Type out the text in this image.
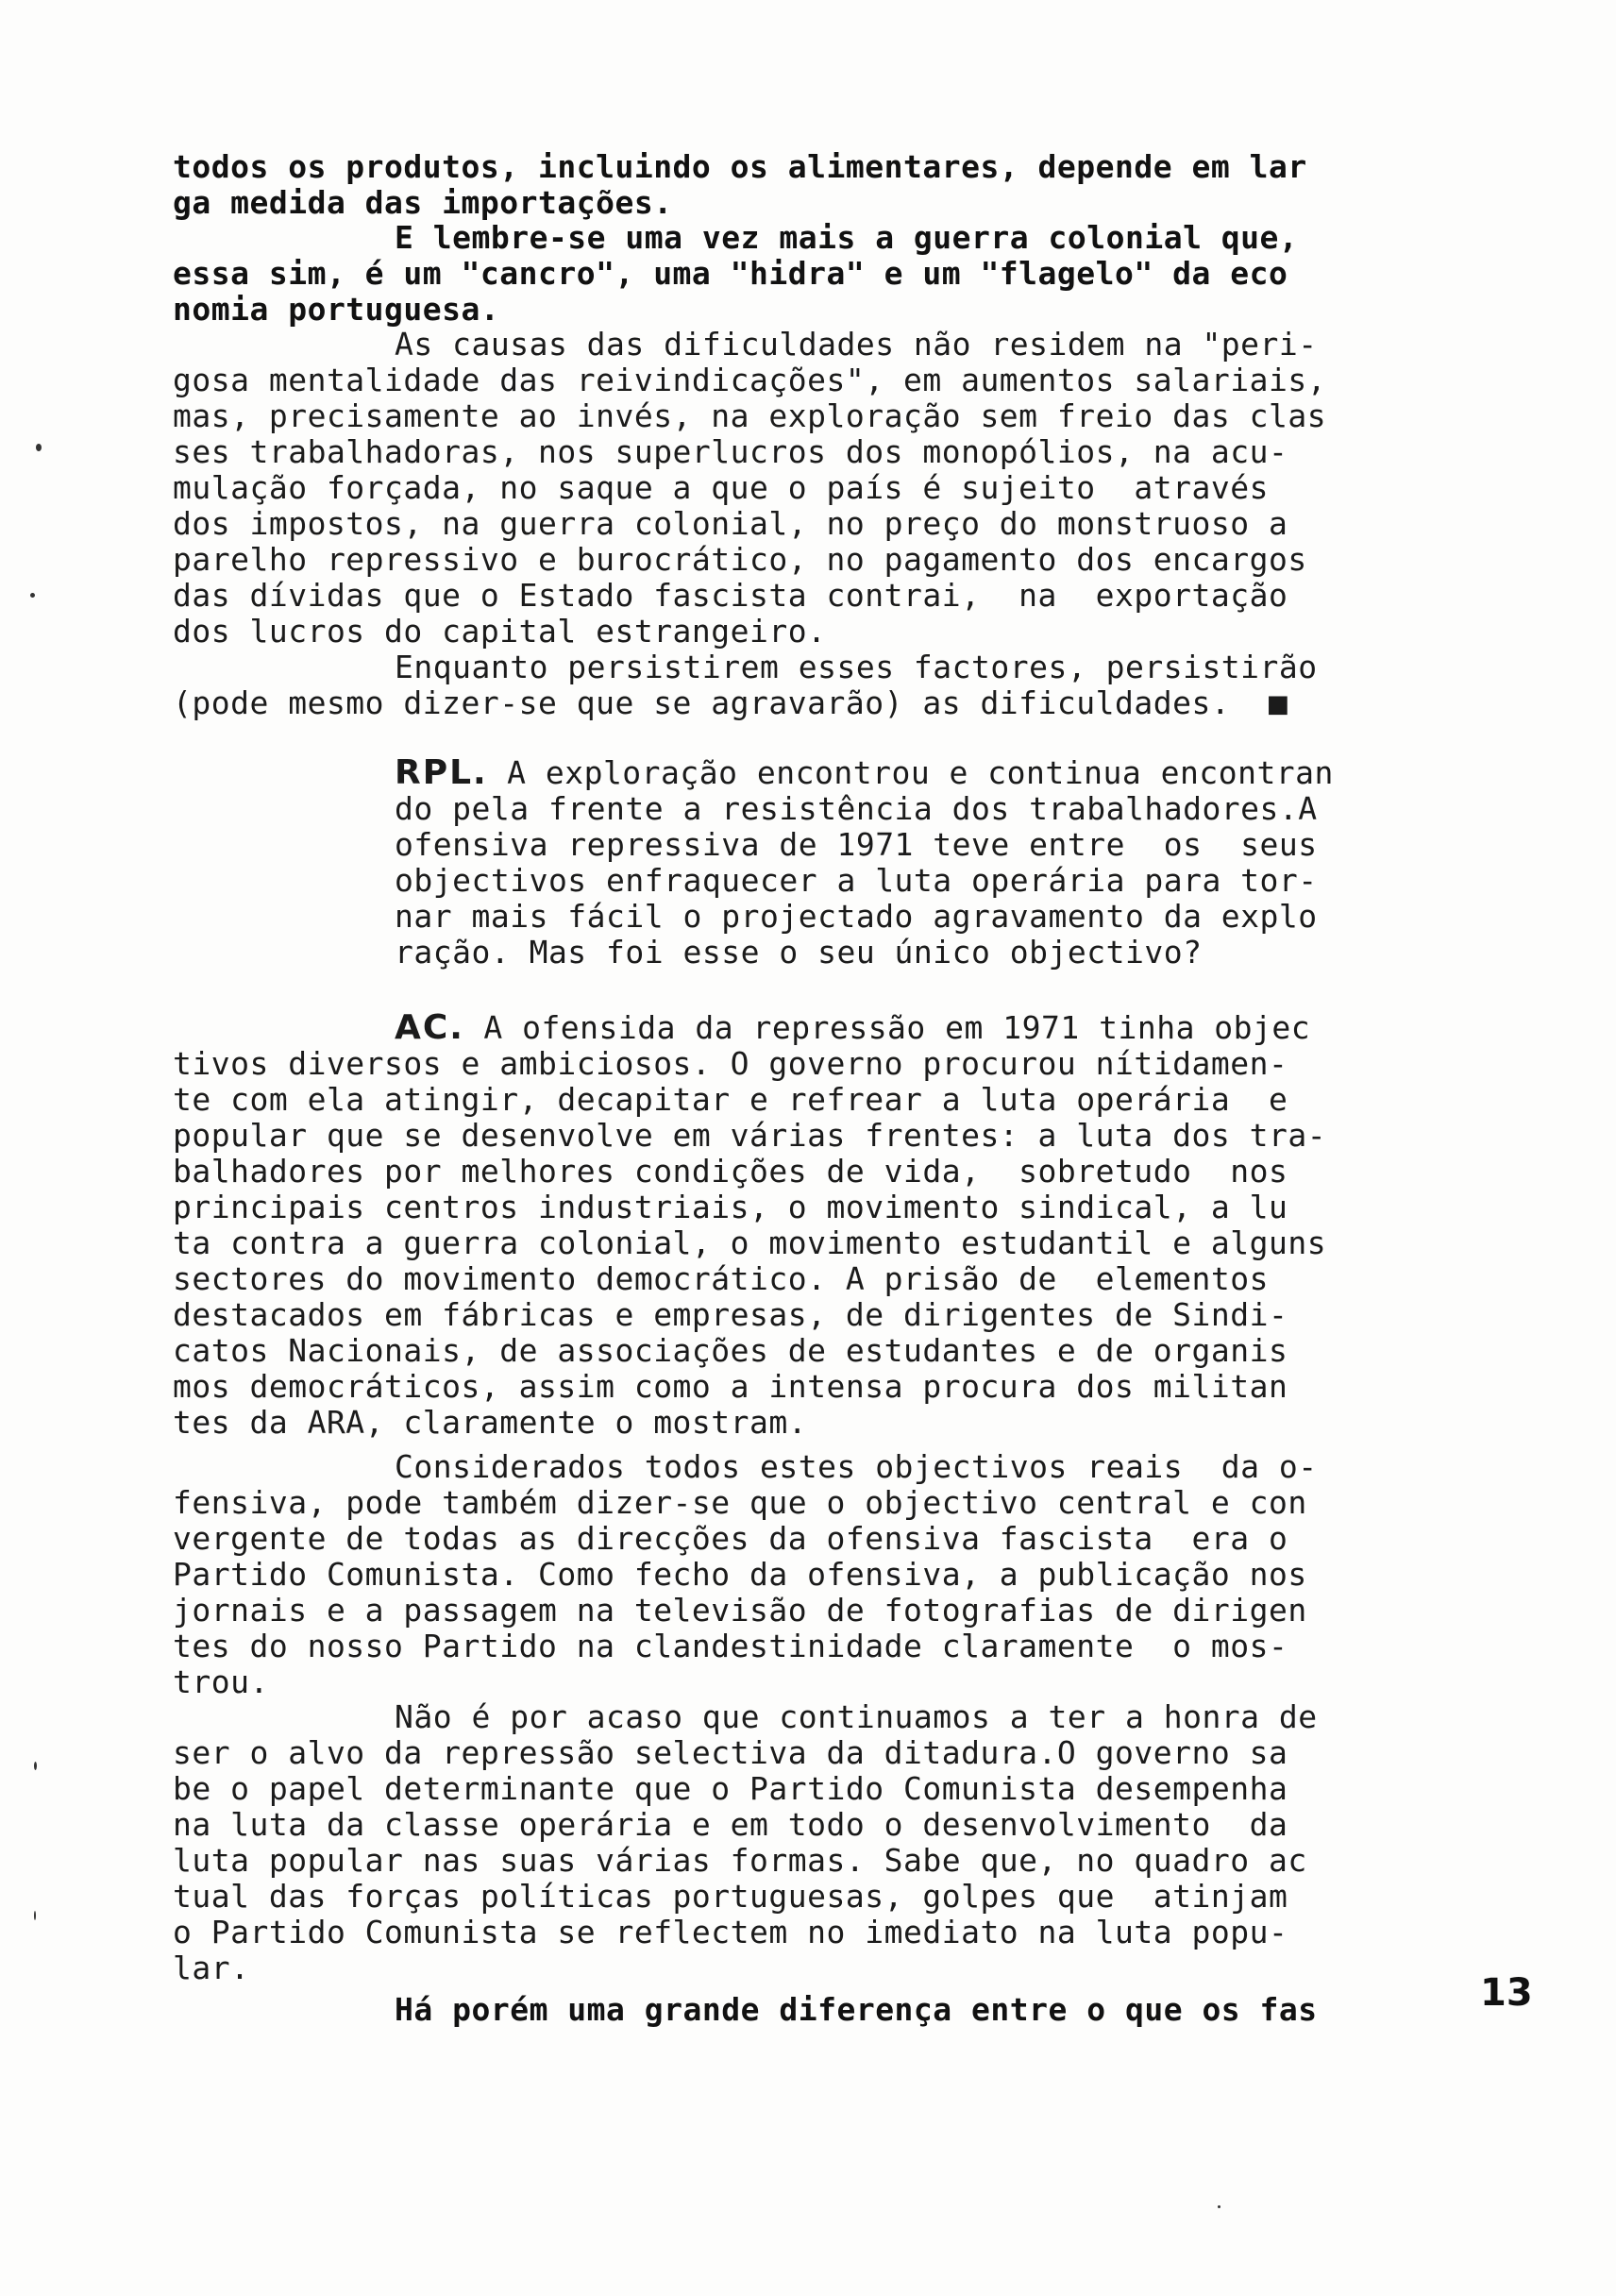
todos os produtos, incluindo os alimentares, depende em lar
ga medida das importações.
E lembre-se uma vez mais a guerra colonial que,
essa sim, é um "cancro", uma "hidra" e um "flagelo" da eco
nomia portuguesa.
As causas das dificuldades não residem na "peri-
gosa mentalidade das reivindicações", em aumentos salariais,
mas, precisamente ao invés, na exploração sem freio das clas
ses trabalhadoras, nos superlucros dos monopólios, na acu-
mulação forçada, no saque a que o país é sujeito  através
dos impostos, na guerra colonial, no preço do monstruoso a
parelho repressivo e burocrático, no pagamento dos encargos
das dívidas que o Estado fascista contrai,  na  exportação
dos lucros do capital estrangeiro.
Enquanto persistirem esses factores, persistirão
(pode mesmo dizer-se que se agravarão) as dificuldades.  ■
RPL. A exploração encontrou e continua encontran
do pela frente a resistência dos trabalhadores.A
ofensiva repressiva de 1971 teve entre  os  seus
objectivos enfraquecer a luta operária para tor-
nar mais fácil o projectado agravamento da explo
ração. Mas foi esse o seu único objectivo?
AC. A ofensida da repressão em 1971 tinha objec
tivos diversos e ambiciosos. O governo procurou nítidamen-
te com ela atingir, decapitar e refrear a luta operária  e
popular que se desenvolve em várias frentes: a luta dos tra-
balhadores por melhores condições de vida,  sobretudo  nos
principais centros industriais, o movimento sindical, a lu
ta contra a guerra colonial, o movimento estudantil e alguns
sectores do movimento democrático. A prisão de  elementos
destacados em fábricas e empresas, de dirigentes de Sindi-
catos Nacionais, de associações de estudantes e de organis
mos democráticos, assim como a intensa procura dos militan
tes da ARA, claramente o mostram.
Considerados todos estes objectivos reais  da o-
fensiva, pode também dizer-se que o objectivo central e con
vergente de todas as direcções da ofensiva fascista  era o
Partido Comunista. Como fecho da ofensiva, a publicação nos
jornais e a passagem na televisão de fotografias de dirigen
tes do nosso Partido na clandestinidade claramente  o mos-
trou.
Não é por acaso que continuamos a ter a honra de
ser o alvo da repressão selectiva da ditadura.O governo sa
be o papel determinante que o Partido Comunista desempenha
na luta da classe operária e em todo o desenvolvimento  da
luta popular nas suas várias formas. Sabe que, no quadro ac
tual das forças políticas portuguesas, golpes que  atinjam
o Partido Comunista se reflectem no imediato na luta popu-
lar.
Há porém uma grande diferença entre o que os fas	13
